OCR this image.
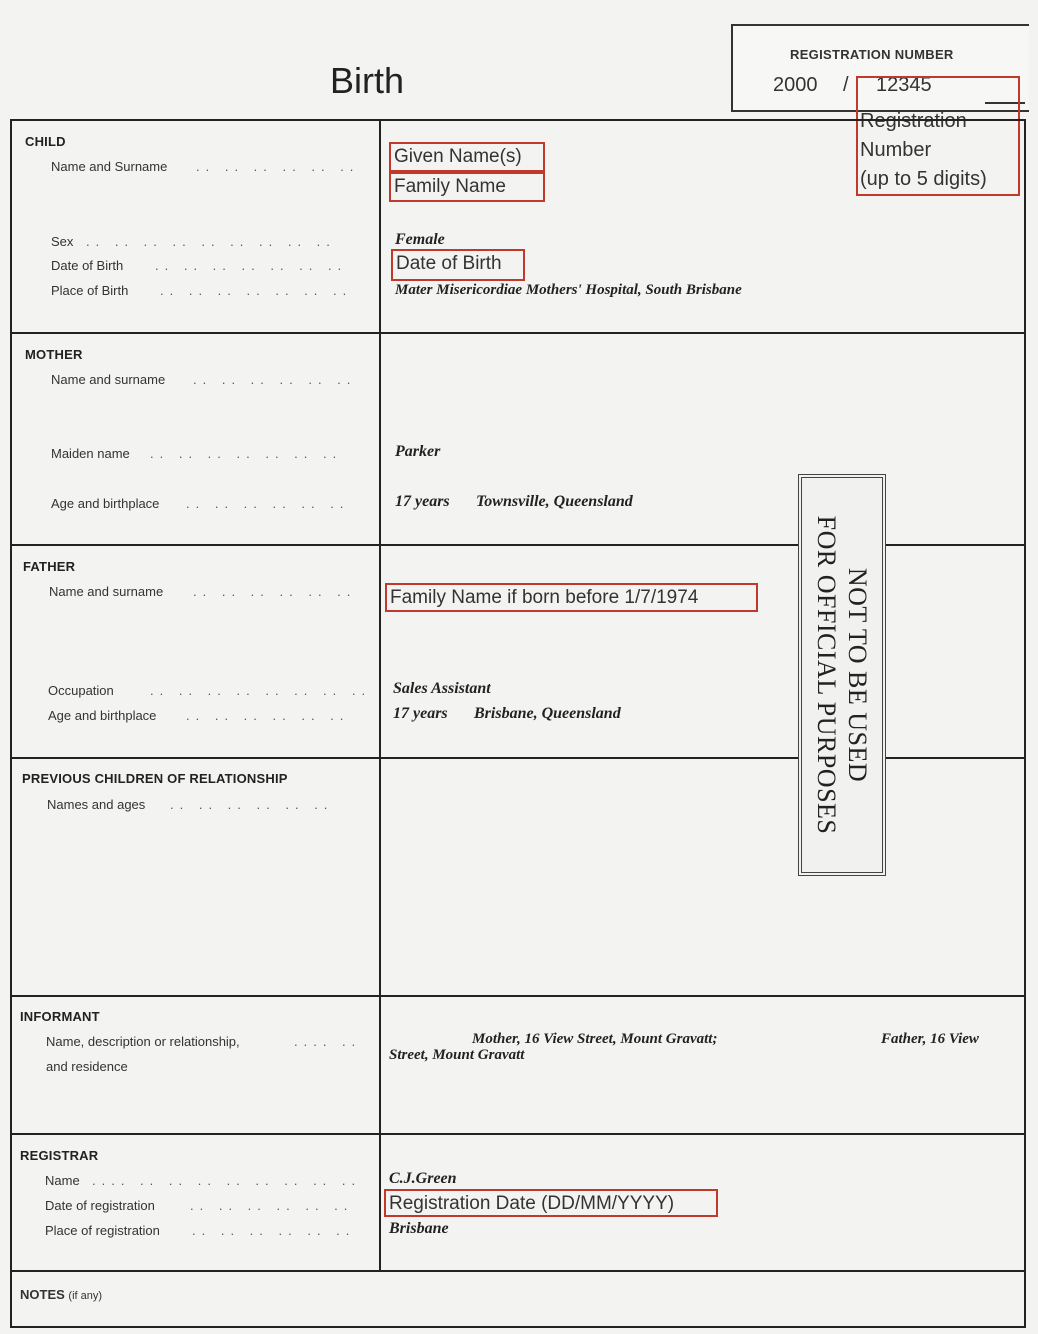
Birth
REGISTRATION NUMBER
2000 / 12345
Registration
Number
(up to 5 digits)
CHILD
Name and Surname .. .. .. .. .. .. Given Name(s)
Family Name
Sex .. .. .. .. .. .. .. .. ..	Female
Date of Birth .. .. .. .. .. .. ..	Date of Birth
Place of Birth .. .. .. .. .. .. ..	Mater Misericordiae Mothers' Hospital, South Brisbane
MOTHER
Name and surname .. .. .. .. .. ..
Maiden name .. .. .. .. .. .. ..	Parker
Age and birthplace .. .. .. .. .. ..	17 years Townsville, Queensland
FATHER
Name and surname .. .. .. .. .. .. Family Name if born before 1/7/1974
Occupation	.. .. .. .. .. .. .. .. Sales Assistant
Age and birthplace .. .. .. .. .. ..	17 years Brisbane, Queensland
PREVIOUS CHILDREN OF RELATIONSHIP
Names and ages .. .. .. .. .. ..
INFORMANT
Name, description or relationship,	.... ..
and residence
Mother, 16 View Street, Mount Gravatt;	Father, 16 View
Street, Mount Gravatt
REGISTRAR
Name .... .. .. .. .. .. .. .. .. C.J.Green
Date of registration	.. .. .. .. .. .. Registration Date (DD/MM/YYYY)
Place of registration .. .. .. .. .. .. Brisbane
NOTES (if any)
NOT TO BE USED
FOR OFFICIAL PURPOSES
